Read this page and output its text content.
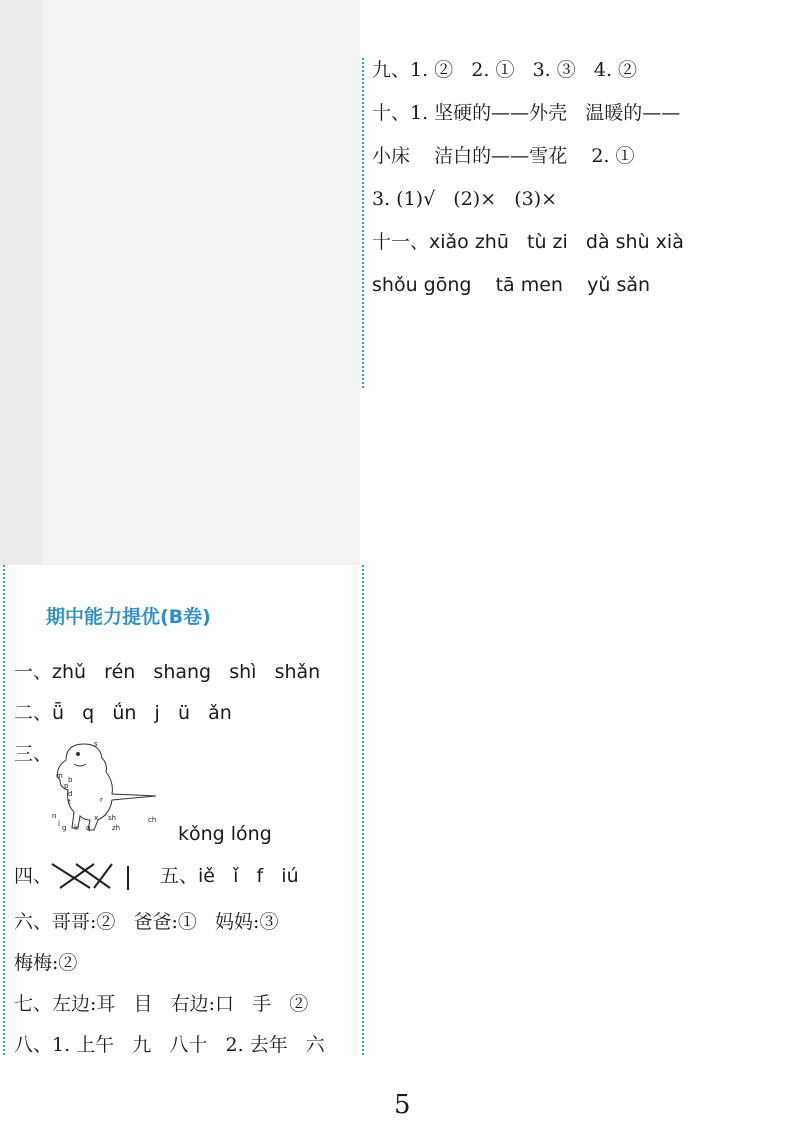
九、1. ②   2. ①   3. ③   4. ②
十、1. 坚硬的——外壳   温暖的——
小床    洁白的——雪花    2. ①
3. (1)√   (2)×   (3)×
十一、xiǎo zhū   tù zi   dà shù xià
shǒu gōng    tā men    yǔ sǎn
期中能力提优(B卷)
一、zhǔ   rén   shang   shì   shǎn
二、ǖ   q   ǘn   j   ü   ǎn
三、	s
m b
p
d
t	r
n
l g k
x
q
sh
zh
ch
kǒng lóng
四、	五、iě   ǐ   f   iú
六、哥哥:②   爸爸:①   妈妈:③
梅梅:②
七、左边:耳   目   右边:口   手   ②
八、1. 上午   九   八十   2. 去年   六
5
